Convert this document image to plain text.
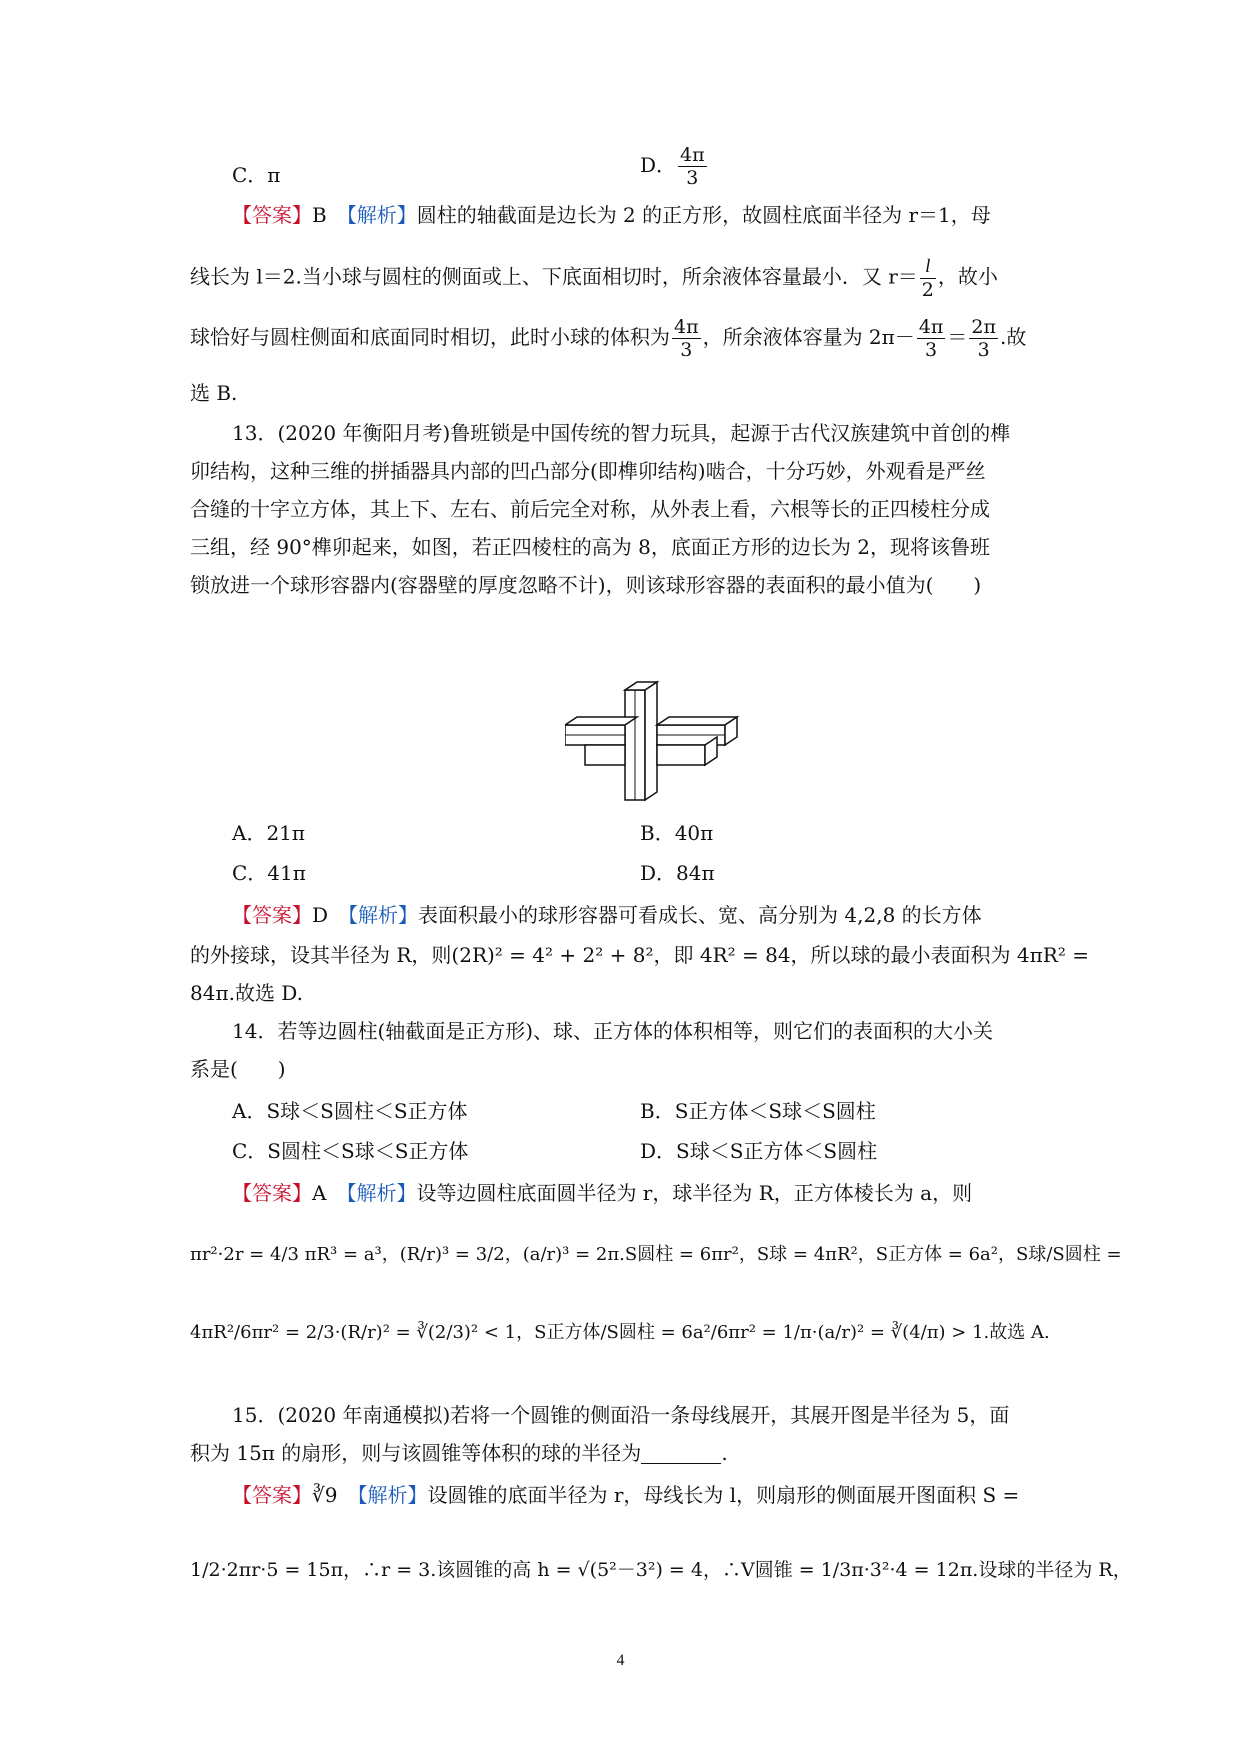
C．π	D． $\frac{4\pi}{3}$
【答案】B　 【解析】圆柱的轴截面是边长为 2 的正方形，故圆柱底面半径为 r＝1，母
线长为 l＝2.当小球与圆柱的侧面或上、下底面相切时，所余液体容量最小．又 $r= \frac{l}{2}$ ，故小
球恰好与圆柱侧面和底面同时相切，此时小球的体积为 $\frac{4\pi}{3}$ ，所余液体容量为 $2\pi- \frac{4\pi}{3} = \frac{2\pi}{3}$ .故
选 B.
13．(2020 年衡阳月考)鲁班锁是中国传统的智力玩具，起源于古代汉族建筑中首创的榫
卯结构，这种三维的拼插器具内部的凹凸部分(即榫卯结构)啮合，十分巧妙，外观看是严丝
合缝的十字立方体，其上下、左右、前后完全对称，从外表上看，六根等长的正四棱柱分成
三组，经 90°榫卯起来，如图，若正四棱柱的高为 8，底面正方形的边长为 2，现将该鲁班
锁放进一个球形容器内(容器壁的厚度忽略不计)，则该球形容器的表面积的最小值为(　　)
A．21π	B．40π
C．41π	D．84π
【答案】D　 【解析】表面积最小的球形容器可看成长、宽、高分别为 4,2,8 的长方体
的外接球，设其半径为 R，则(2R)² = 4² + 2² + 8²，即 4R² = 84，所以球的最小表面积为 4πR² =
84π.故选 D.
14．若等边圆柱(轴截面是正方形)、球、正方体的体积相等，则它们的表面积的大小关
系是(　　)
A．S球＜S圆柱＜S正方体	B．S正方体＜S球＜S圆柱
C．S圆柱＜S球＜S正方体	D．S球＜S正方体＜S圆柱
【答案】A　 【解析】设等边圆柱底面圆半径为 r，球半径为 R，正方体棱长为 a，则
πr²·2r = 4/3 πR³ = a³，(R/r)³ = 3/2，(a/r)³ = 2π.S圆柱 = 6πr²，S球 = 4πR²，S正方体 = 6a²，S球/S圆柱 =
4πR²/6πr² = 2/3·(R/r)² = ∛(2/3)² < 1，S正方体/S圆柱 = 6a²/6πr² = 1/π·(a/r)² = ∛(4/π) > 1.故选 A.
15．(2020 年南通模拟)若将一个圆锥的侧面沿一条母线展开，其展开图是半径为 5，面
积为 15π 的扇形，则与该圆锥等体积的球的半径为	.
【答案】∛9　 【解析】设圆锥的底面半径为 r，母线长为 l，则扇形的侧面展开图面积 S =
1/2·2πr·5 = 15π，∴r = 3.该圆锥的高 h = √(5²－3²) = 4，∴V圆锥 = 1/3π·3²·4 = 12π.设球的半径为 R，
4
